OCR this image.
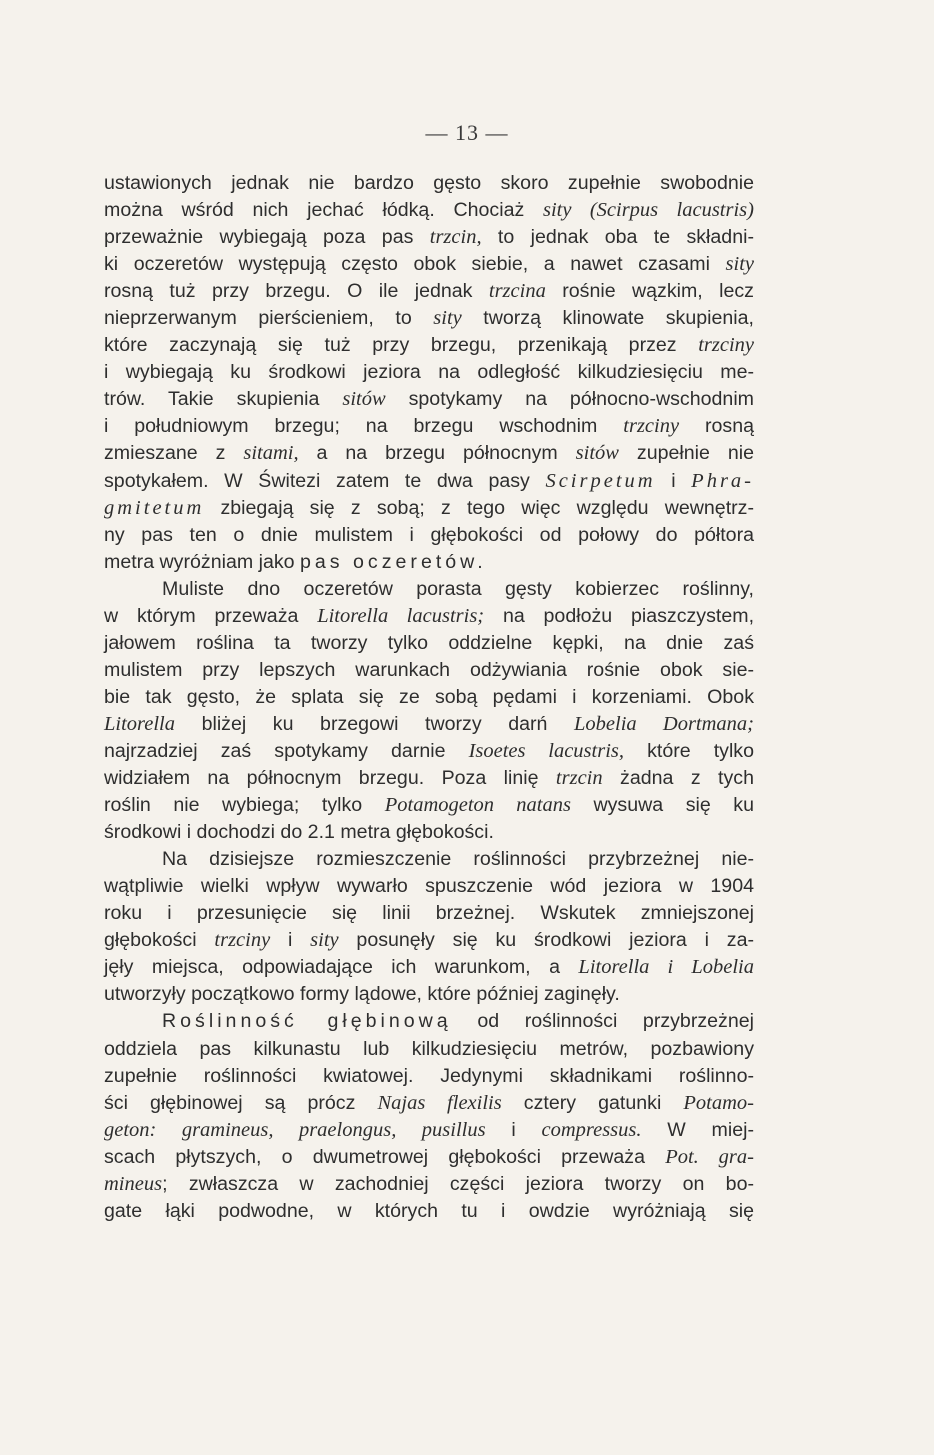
— 13 —
ustawionych jednak nie bardzo gęsto skoro zupełnie swobodnie
można wśród nich jechać łódką. Chociaż sity (Scirpus lacustris)
przeważnie wybiegają poza pas trzcin, to jednak oba te składni-
ki oczeretów występują często obok siebie, a nawet czasami sity
rosną tuż przy brzegu. O ile jednak trzcina rośnie wązkim, lecz
nieprzerwanym pierścieniem, to sity tworzą klinowate skupienia,
które zaczynają się tuż przy brzegu, przenikają przez trzciny
i wybiegają ku środkowi jeziora na odległość kilkudziesięciu me-
trów. Takie skupienia sitów spotykamy na północno-wschodnim
i południowym brzegu; na brzegu wschodnim trzciny rosną
zmieszane z sitami, a na brzegu północnym sitów zupełnie nie
spotykałem. W Świtezi zatem te dwa pasy Scirpetum i Phra-
gmitetum zbiegają się z sobą; z tego więc względu wewnętrz-
ny pas ten o dnie mulistem i głębokości od połowy do półtora
metra wyróżniam jako pas oczeretów.
Muliste dno oczeretów porasta gęsty kobierzec roślinny,
w którym przeważa Litorella lacustris; na podłożu piaszczystem,
jałowem roślina ta tworzy tylko oddzielne kępki, na dnie zaś
mulistem przy lepszych warunkach odżywiania rośnie obok sie-
bie tak gęsto, że splata się ze sobą pędami i korzeniami. Obok
Litorella bliżej ku brzegowi tworzy darń Lobelia Dortmana;
najrzadziej zaś spotykamy darnie Isoetes lacustris, które tylko
widziałem na północnym brzegu. Poza linię trzcin żadna z tych
roślin nie wybiega; tylko Potamogeton natans wysuwa się ku
środkowi i dochodzi do 2.1 metra głębokości.
Na dzisiejsze rozmieszczenie roślinności przybrzeżnej nie-
wątpliwie wielki wpływ wywarło spuszczenie wód jeziora w 1904
roku i przesunięcie się linii brzeżnej. Wskutek zmniejszonej
głębokości trzciny i sity posunęły się ku środkowi jeziora i za-
jęły miejsca, odpowiadające ich warunkom, a Litorella i Lobelia
utworzyły początkowo formy lądowe, które później zaginęły.
Roślinność głębinową od roślinności przybrzeżnej
oddziela pas kilkunastu lub kilkudziesięciu metrów, pozbawiony
zupełnie roślinności kwiatowej. Jedynymi składnikami roślinno-
ści głębinowej są prócz Najas flexilis cztery gatunki Potamo-
geton: gramineus, praelongus, pusillus i compressus. W miej-
scach płytszych, o dwumetrowej głębokości przeważa Pot. gra-
mineus; zwłaszcza w zachodniej części jeziora tworzy on bo-
gate łąki podwodne, w których tu i owdzie wyróżniają się
